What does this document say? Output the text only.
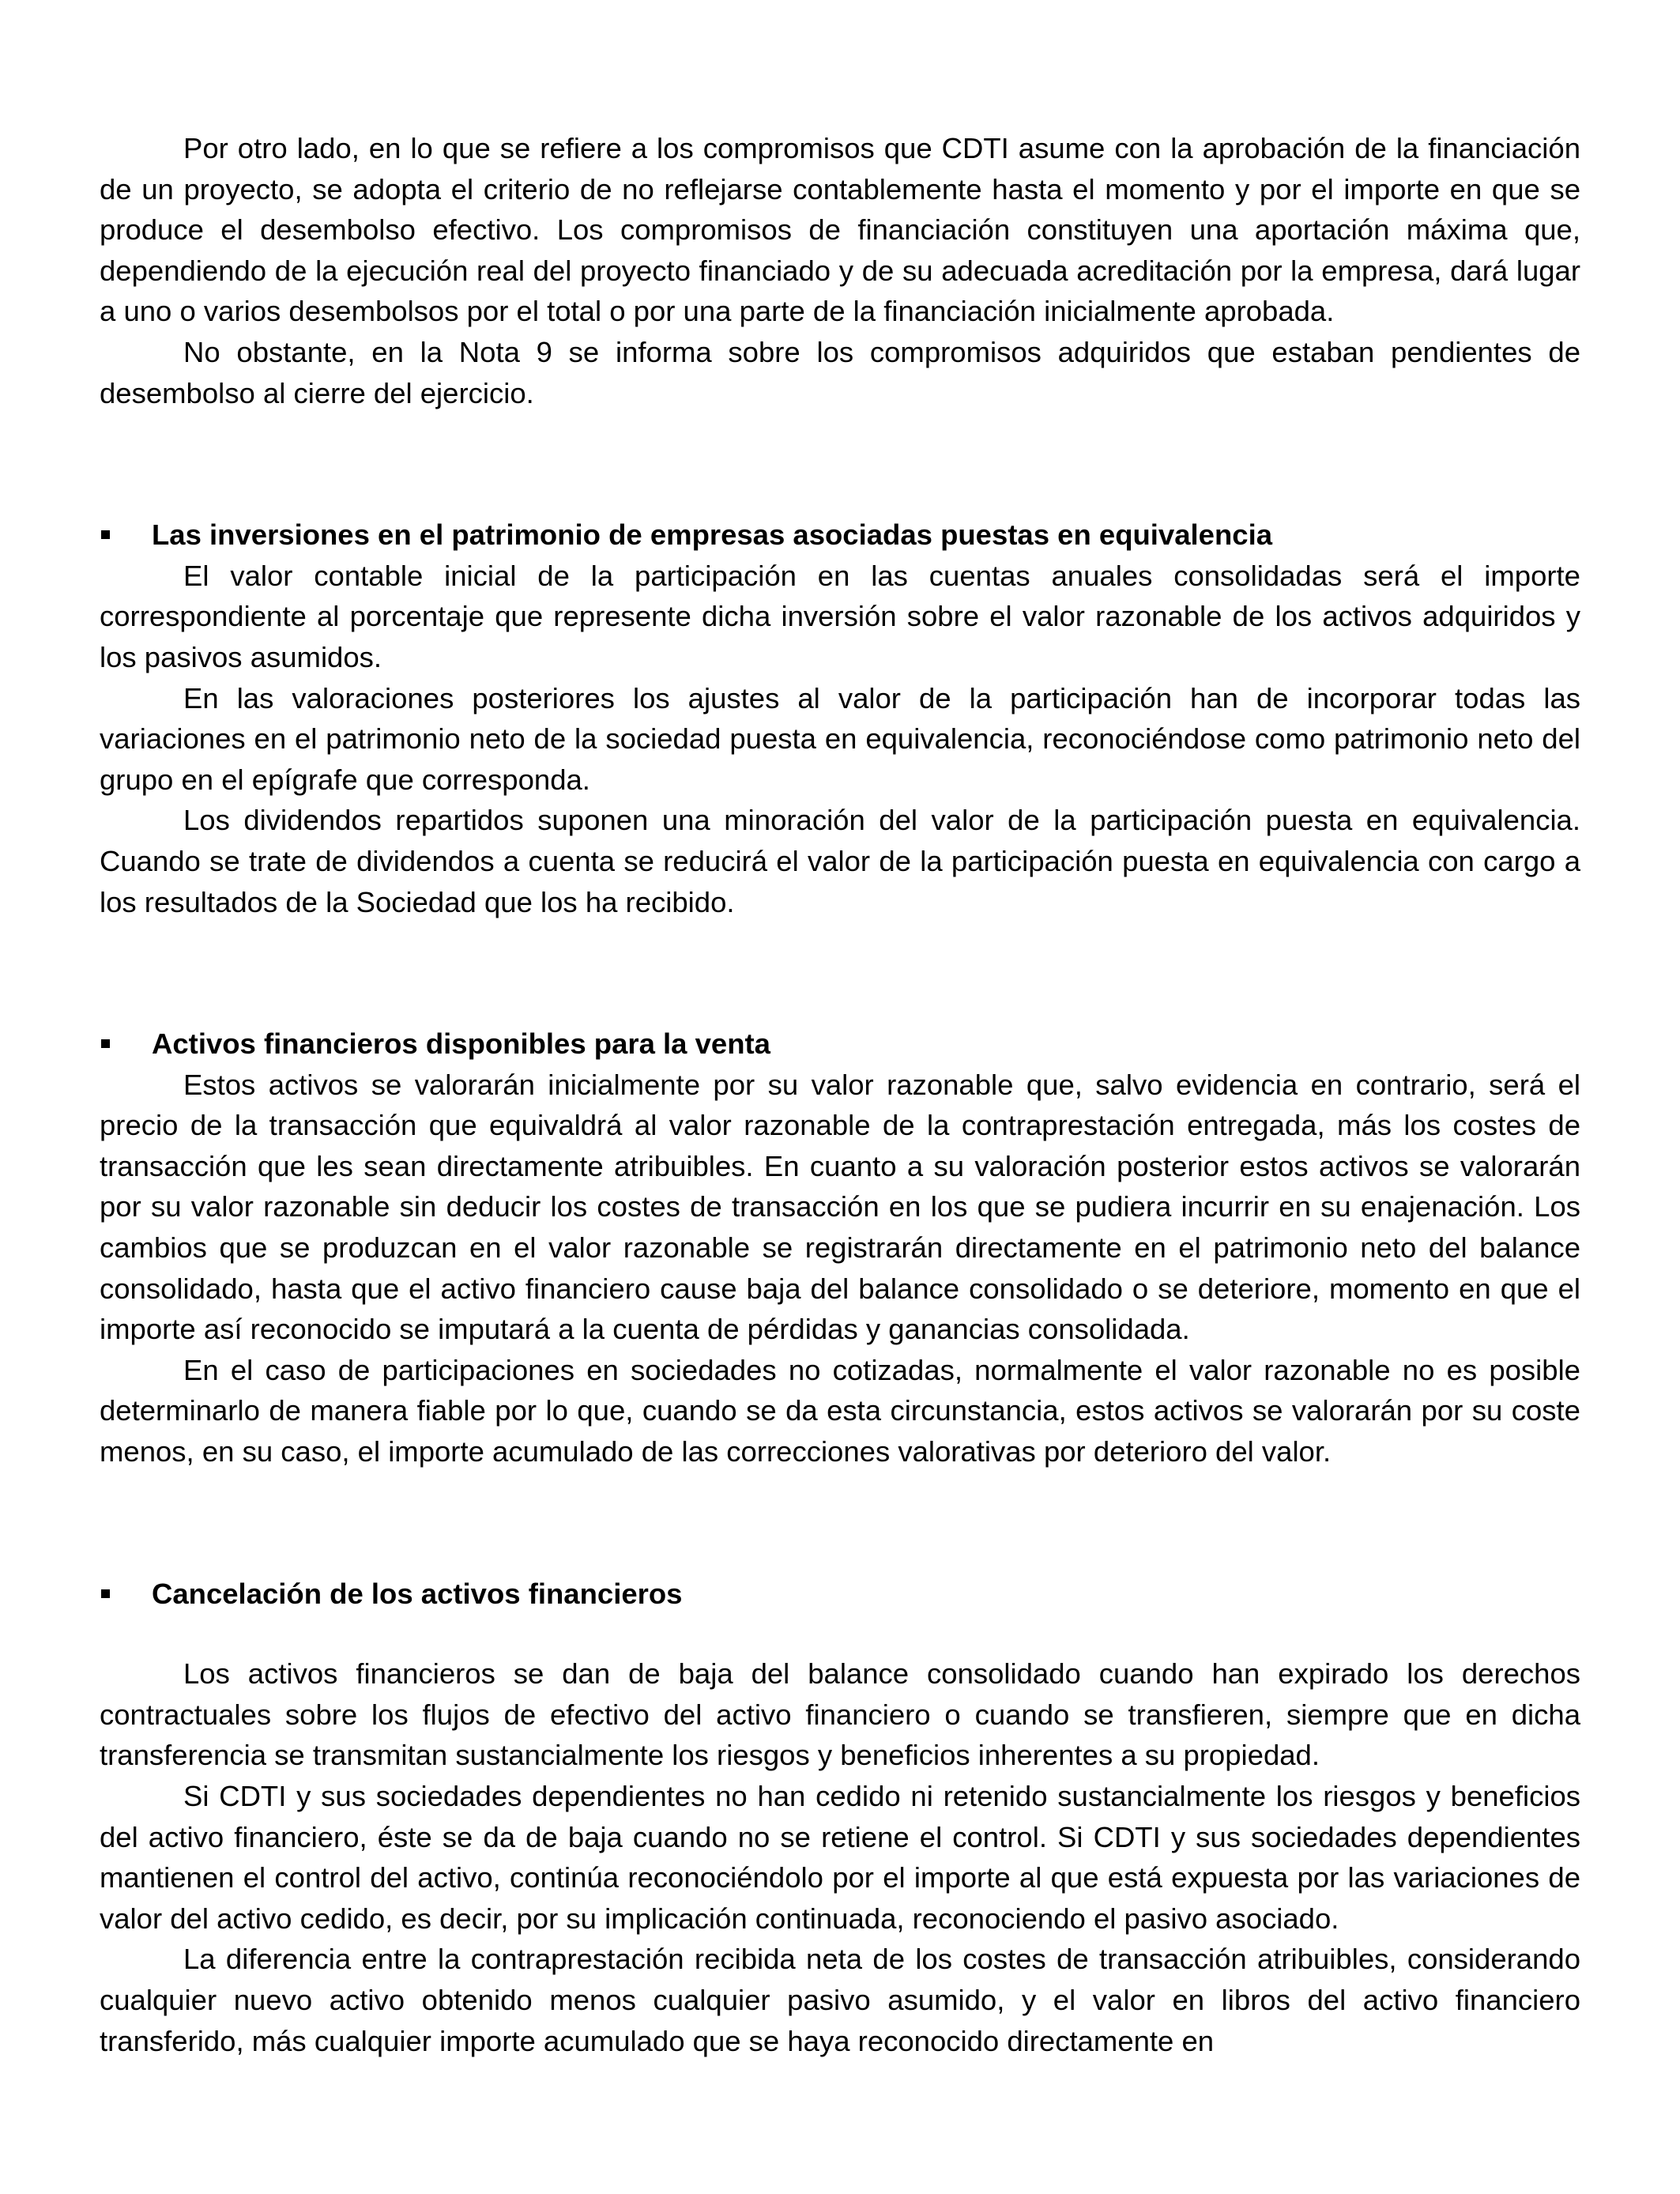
Por otro lado, en lo que se refiere a los compromisos que CDTI asume con la aprobación de la financiación de un proyecto, se adopta el criterio de no reflejarse contablemente hasta el momento y por el importe en que se produce el desembolso efectivo. Los compromisos de financiación constituyen una aportación máxima que, dependiendo de la ejecución real del proyecto financiado y de su adecuada acreditación por la empresa, dará lugar a uno o varios desembolsos por el total o por una parte de la financiación inicialmente aprobada.

No obstante, en la Nota 9 se informa sobre los compromisos adquiridos que estaban pendientes de desembolso al cierre del ejercicio.

Las inversiones en el patrimonio de empresas asociadas puestas en equivalencia

El valor contable inicial de la participación en las cuentas anuales consolidadas será el importe correspondiente al porcentaje que represente dicha inversión sobre el valor razonable de los activos adquiridos y los pasivos asumidos.

En las valoraciones posteriores los ajustes al valor de la participación han de incorporar todas las variaciones en el patrimonio neto de la sociedad puesta en equivalencia, reconociéndose como patrimonio neto del grupo en el epígrafe que corresponda.

Los dividendos repartidos suponen una minoración del valor de la participación puesta en equivalencia. Cuando se trate de dividendos a cuenta se reducirá el valor de la participación puesta en equivalencia con cargo a los resultados de la Sociedad que los ha recibido.

Activos financieros disponibles para la venta

Estos activos se valorarán inicialmente por su valor razonable que, salvo evidencia en contrario, será el precio de la transacción que equivaldrá al valor razonable de la contraprestación entregada, más los costes de transacción que les sean directamente atribuibles. En cuanto a su valoración posterior estos activos se valorarán por su valor razonable sin deducir los costes de transacción en los que se pudiera incurrir en su enajenación. Los cambios que se produzcan en el valor razonable se registrarán directamente en el patrimonio neto del balance consolidado, hasta que el activo financiero cause baja del balance consolidado o se deteriore, momento en que el importe así reconocido se imputará a la cuenta de pérdidas y ganancias consolidada.

En el caso de participaciones en sociedades no cotizadas, normalmente el valor razonable no es posible determinarlo de manera fiable por lo que, cuando se da esta circunstancia, estos activos se valorarán por su coste menos, en su caso, el importe acumulado de las correcciones valorativas por deterioro del valor.

Cancelación de los activos financieros

Los activos financieros se dan de baja del balance consolidado cuando han expirado los derechos contractuales sobre los flujos de efectivo del activo financiero o cuando se transfieren, siempre que en dicha transferencia se transmitan sustancialmente los riesgos y beneficios inherentes a su propiedad.

Si CDTI y sus sociedades dependientes no han cedido ni retenido sustancialmente los riesgos y beneficios del activo financiero, éste se da de baja cuando no se retiene el control. Si CDTI y sus sociedades dependientes mantienen el control del activo, continúa reconociéndolo por el importe al que está expuesta por las variaciones de valor del activo cedido, es decir, por su implicación continuada, reconociendo el pasivo asociado.

La diferencia entre la contraprestación recibida neta de los costes de transacción atribuibles, considerando cualquier nuevo activo obtenido menos cualquier pasivo asumido, y el valor en libros del activo financiero transferido, más cualquier importe acumulado que se haya reconocido directamente en
